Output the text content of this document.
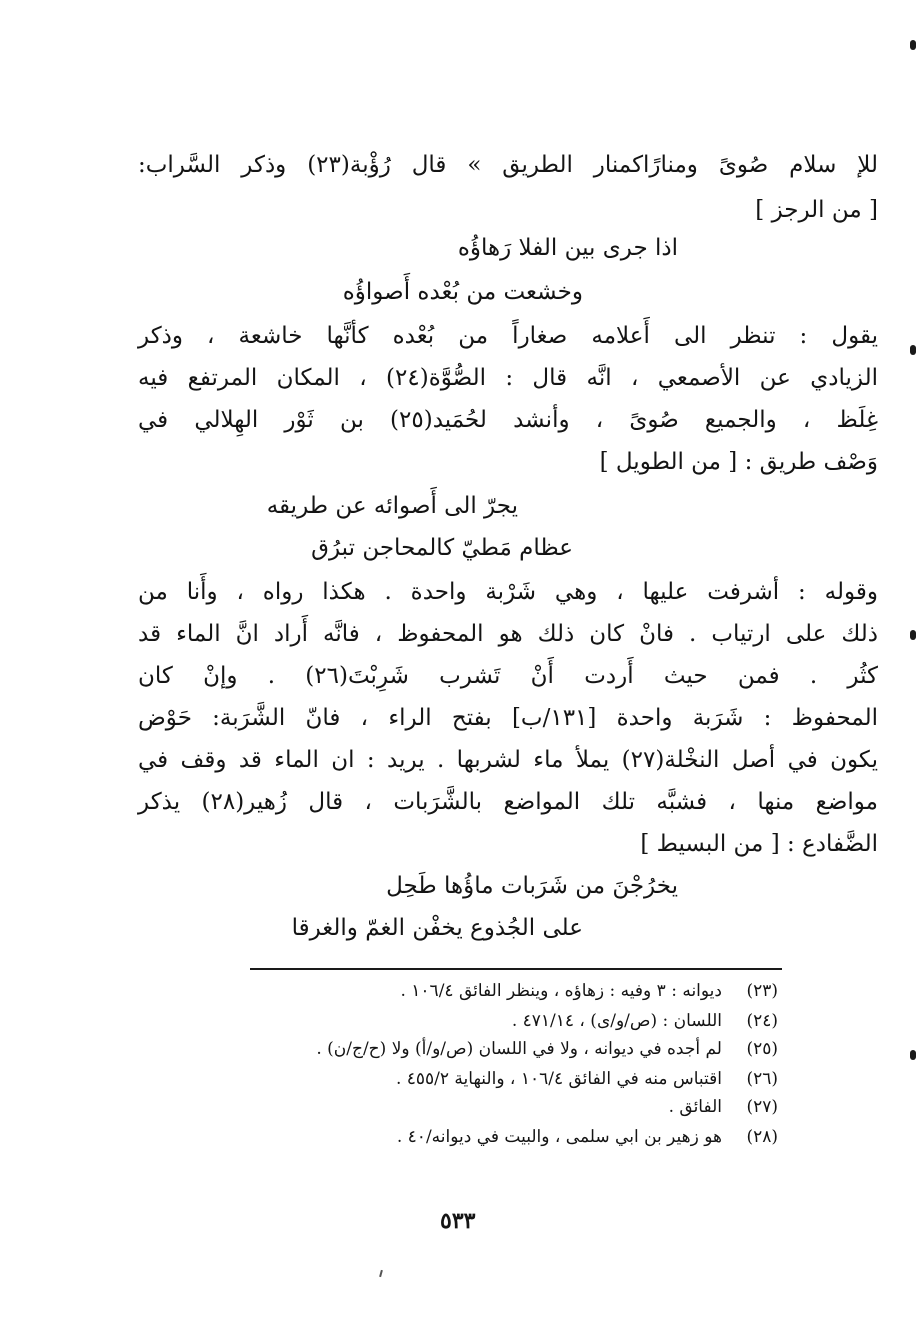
للإ سلام صُوىً ومنارًاكمنار الطريق » قال رُؤْبة(٢٣) وذكر السَّراب:
[ من الرجز ]
اذا جرى بين الفلا رَهاؤُه
وخشعت من بُعْده أَصواؤُه
يقول : تنظر الى أَعلامه صغاراً من بُعْده كأنَّها خاشعة ، وذكر
الزيادي عن الأصمعي ، انَّه قال : الصُّوَّة(٢٤) ، المكان المرتفع فيه
غِلَظ ، والجميع صُوىً ، وأنشد لحُمَيد(٢٥) بن ثَوْر الهِلالي في
وَصْف طريق : [ من الطويل ]
يجرّ الى أَصوائه عن طريقه
عظام مَطيّ كالمحاجن تبرُق
وقوله : أشرفت عليها ، وهي شَرْبة واحدة . هكذا رواه ، وأَنا من
ذلك على ارتياب . فانْ كان ذلك هو المحفوظ ، فانَّه أَراد انَّ الماء قد
كثُر . فمن حيث أَردت أَنْ تَشرب شَرِبْتَ(٢٦) . وإنْ كان
المحفوظ : شَرَبة واحدة [١٣١/ب] بفتح الراء ، فانّ الشَّرَبة: حَوْض
يكون في أصل النخْلة(٢٧) يملأ ماء لشربها . يريد : ان الماء قد وقف في
مواضع منها ، فشبَّه تلك المواضع بالشَّرَبات ، قال زُهير(٢٨) يذكر
الضَّفادع : [ من البسيط ]
يخرُجْنَ من شَرَبات ماؤُها طَحِل
على الجُذوع يخفْن الغمّ والغرقا
(٢٣)ديوانه : ٣ وفيه : زهاؤه ، وينظر الفائق ١٠٦/٤ .
(٢٤)اللسان : (ص/و/ى) ، ٤٧١/١٤ .
(٢٥)لم أجده في ديوانه ، ولا في اللسان (ص/و/أ) ولا (ح/ج/ن) .
(٢٦)اقتباس منه في الفائق ١٠٦/٤ ، والنهاية ٤٥٥/٢ .
(٢٧)الفائق .
(٢٨)هو زهير بن ابي سلمى ، والبيت في ديوانه/٤٠ .
٥٣٣
